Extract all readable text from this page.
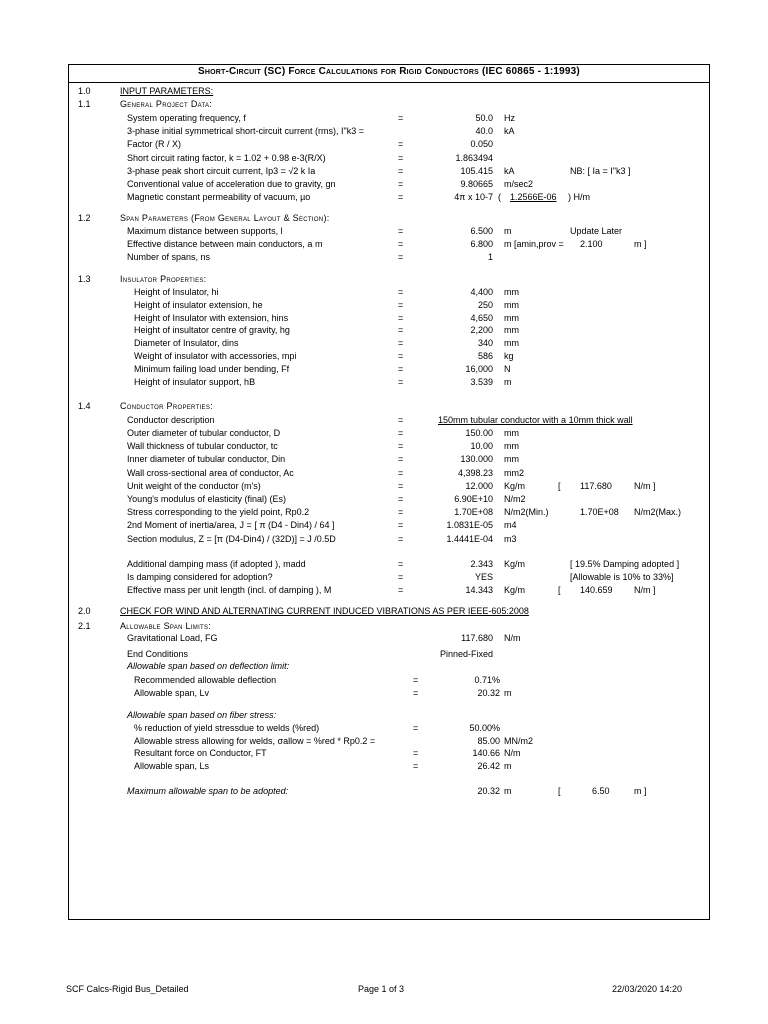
Short-Circuit (SC) Force Calculations for Rigid Conductors (IEC 60865 - 1:1993)
1.0	INPUT PARAMETERS:
1.1	General Project Data:
System operating frequency, f	=	50.0 Hz
3-phase initial symmetrical short-circuit current (rms), I"k3 =	40.0 kA
Factor (R / X)	=	0.050
Short circuit rating factor, k = 1.02 + 0.98 e-3(R/X)	=	1.863494
3-phase peak short circuit current, Ip3 = √2 k Ia	=	105.415 kA	NB: [ Ia = I"k3 ]
Conventional value of acceleration due to gravity, gn	=	9.80665 m/sec2
Magnetic constant permeability of vacuum, µo	=	4π x 10-7 ( 1.2566E-06 ) H/m
1.2	Span Parameters (From General Layout & Section):
Maximum distance between supports, l	=	6.500 m	Update Later
Effective distance between main conductors, a m	=	6.800 m [amin,prov = 2.100	m ]
Number of spans, ns	=	1
1.3	Insulator Properties:
Height of Insulator, hi	=	4,400 mm
Height of insulator extension, he	=	250 mm
Height of Insulator with extension, hins	=	4,650 mm
Height of insultator centre of gravity, hg	=	2,200 mm
Diameter of Insulator, dins	=	340 mm
Weight of insulator with accessories, mpi	=	586 kg
Minimum failing load under bending, Ff	=	16,000 N
Height of insulator support, hB	=	3.539 m
1.4	Conductor Properties:
Conductor description	=	150mm tubular conductor with a 10mm thick wall
Outer diameter of tubular conductor, D	=	150.00 mm
Wall thickness of tubular conductor, tc	=	10.00 mm
Inner diameter of tubular conductor, Din	=	130.000 mm
Wall cross-sectional area of conductor, Ac	=	4,398.23 mm2
Unit weight of the conductor (m's)	=	12.000 Kg/m	[ 117.680 N/m ]
Young's modulus of elasticity (final) (Es)	=	6.90E+10 N/m2
Stress corresponding to the yield point, Rp0.2	=	1.70E+08 N/m2(Min.)	1.70E+08 N/m2(Max.)
2nd Moment of inertia/area, J = [ π (D4 - Din4) / 64 ]	=	1.0831E-05 m4
Section modulus, Z = [π (D4-Din4) / (32D)] = J /0.5D	=	1.4441E-04 m3
Additional damping mass (if adopted ), madd	=	2.343 Kg/m	[ 19.5% Damping adopted ]
Is damping considered for adoption?	=	YES	[Allowable is 10% to 33%]
Effective mass per unit length (incl. of damping ), M	=	14.343 Kg/m	[ 140.659 N/m ]
2.0	CHECK FOR WIND AND ALTERNATING CURRENT INDUCED VIBRATIONS AS PER IEEE-605:2008
2.1	Allowable Span Limits:
Gravitational Load, FG	117.680 N/m
End Conditions	Pinned-Fixed
Allowable span based on deflection limit:
Recommended allowable deflection	=	0.71%
Allowable span, Lv	=	20.32 m
Allowable span based on fiber stress:
% reduction of yield stressdue to welds (%red)	=	50.00%
Allowable stress allowing for welds, σallow = %red * Rp0.2 =	85.00 MN/m2
Resultant force on Conductor, FT	=	140.66 N/m
Allowable span, Ls	=	26.42 m
Maximum allowable span to be adopted:	20.32 m	[	6.50	m ]
SCF Calcs-Rigid Bus_Detailed	Page 1 of 3	22/03/2020 14:20
